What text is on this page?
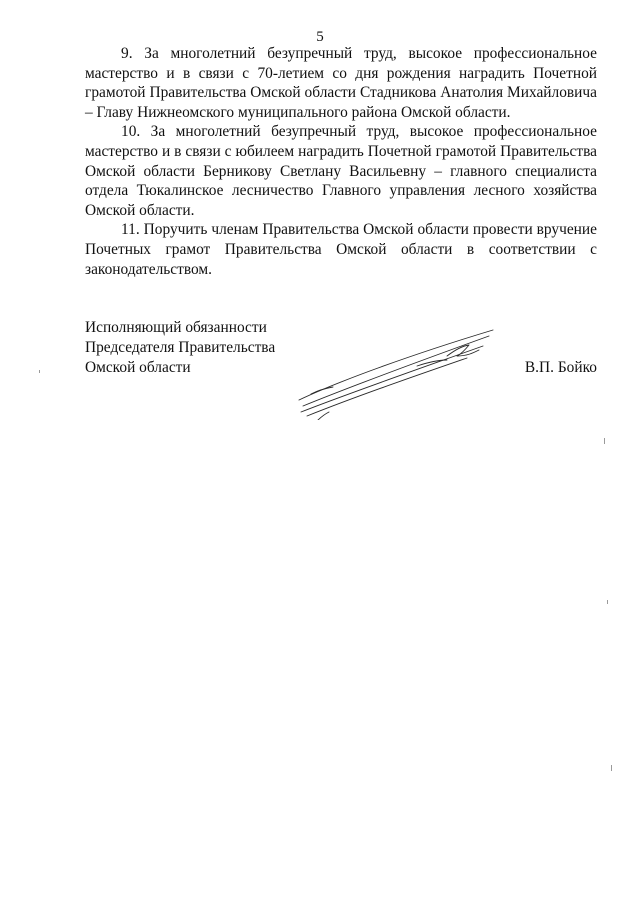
5

9. За многолетний безупречный труд, высокое профессиональное мастерство и в связи с 70-летием со дня рождения наградить Почетной грамотой Правительства Омской области Стадникова Анатолия Михайловича – Главу Нижнеомского муниципального района Омской области.

10. За многолетний безупречный труд, высокое профессиональное мастерство и в связи с юбилеем наградить Почетной грамотой Правительства Омской области Берникову Светлану Васильевну – главного специалиста отдела Тюкалинское лесничество Главного управления лесного хозяйства Омской области.

11. Поручить членам Правительства Омской области провести вручение Почетных грамот Правительства Омской области в соответствии с законодательством.

Исполняющий обязанности
Председателя Правительства
Омской области	В.П. Бойко
